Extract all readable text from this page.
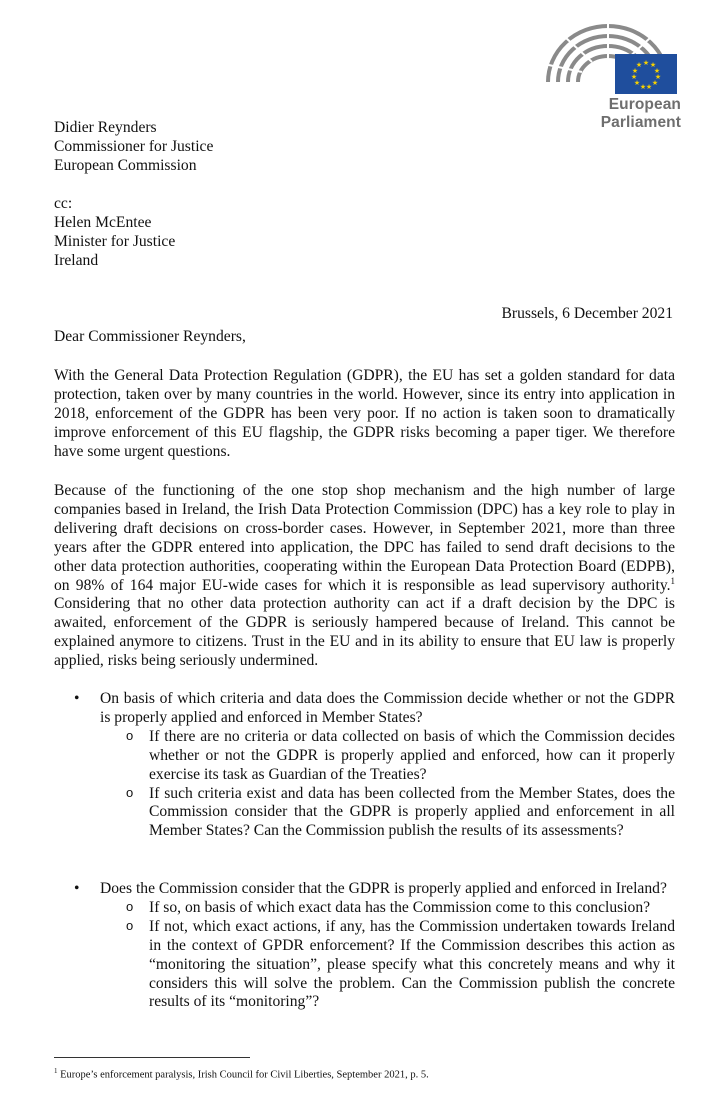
★ ★
★
★
★
★
★
★
★
★
★
European Parliament
Didier Reynders
Commissioner for Justice
European Commission
cc:
Helen McEntee
Minister for Justice
Ireland
Brussels, 6 December 2021
Dear Commissioner Reynders,
With the General Data Protection Regulation (GDPR), the EU has set a golden standard for data protection, taken over by many countries in the world. However, since its entry into application in 2018, enforcement of the GDPR has been very poor. If no action is taken soon to dramatically improve enforcement of this EU flagship, the GDPR risks becoming a paper tiger. We therefore have some urgent questions.
Because of the functioning of the one stop shop mechanism and the high number of large companies based in Ireland, the Irish Data Protection Commission (DPC) has a key role to play in delivering draft decisions on cross-border cases. However, in September 2021, more than three years after the GDPR entered into application, the DPC has failed to send draft decisions to the other data protection authorities, cooperating within the European Data Protection Board (EDPB), on 98% of 164 major EU-wide cases for which it is responsible as lead supervisory authority.$^1$ Considering that no other data protection authority can act if a draft decision by the DPC is awaited, enforcement of the GDPR is seriously hampered because of Ireland. This cannot be explained anymore to citizens. Trust in the EU and in its ability to ensure that EU law is properly applied, risks being seriously undermined.
• On basis of which criteria and data does the Commission decide whether or not the GDPR is properly applied and enforced in Member States?
o If there are no criteria or data collected on basis of which the Commission decides whether or not the GDPR is properly applied and enforced, how can it properly exercise its task as Guardian of the Treaties?
o If such criteria exist and data has been collected from the Member States, does the Commission consider that the GDPR is properly applied and enforcement in all Member States? Can the Commission publish the results of its assessments?
• Does the Commission consider that the GDPR is properly applied and enforced in Ireland?
o If so, on basis of which exact data has the Commission come to this conclusion?
o If not, which exact actions, if any, has the Commission undertaken towards Ireland in the context of GPDR enforcement? If the Commission describes this action as “monitoring the situation”, please specify what this concretely means and why it considers this will solve the problem. Can the Commission publish the concrete results of its “monitoring”?
$^1$ Europe’s enforcement paralysis, Irish Council for Civil Liberties, September 2021, p. 5.
